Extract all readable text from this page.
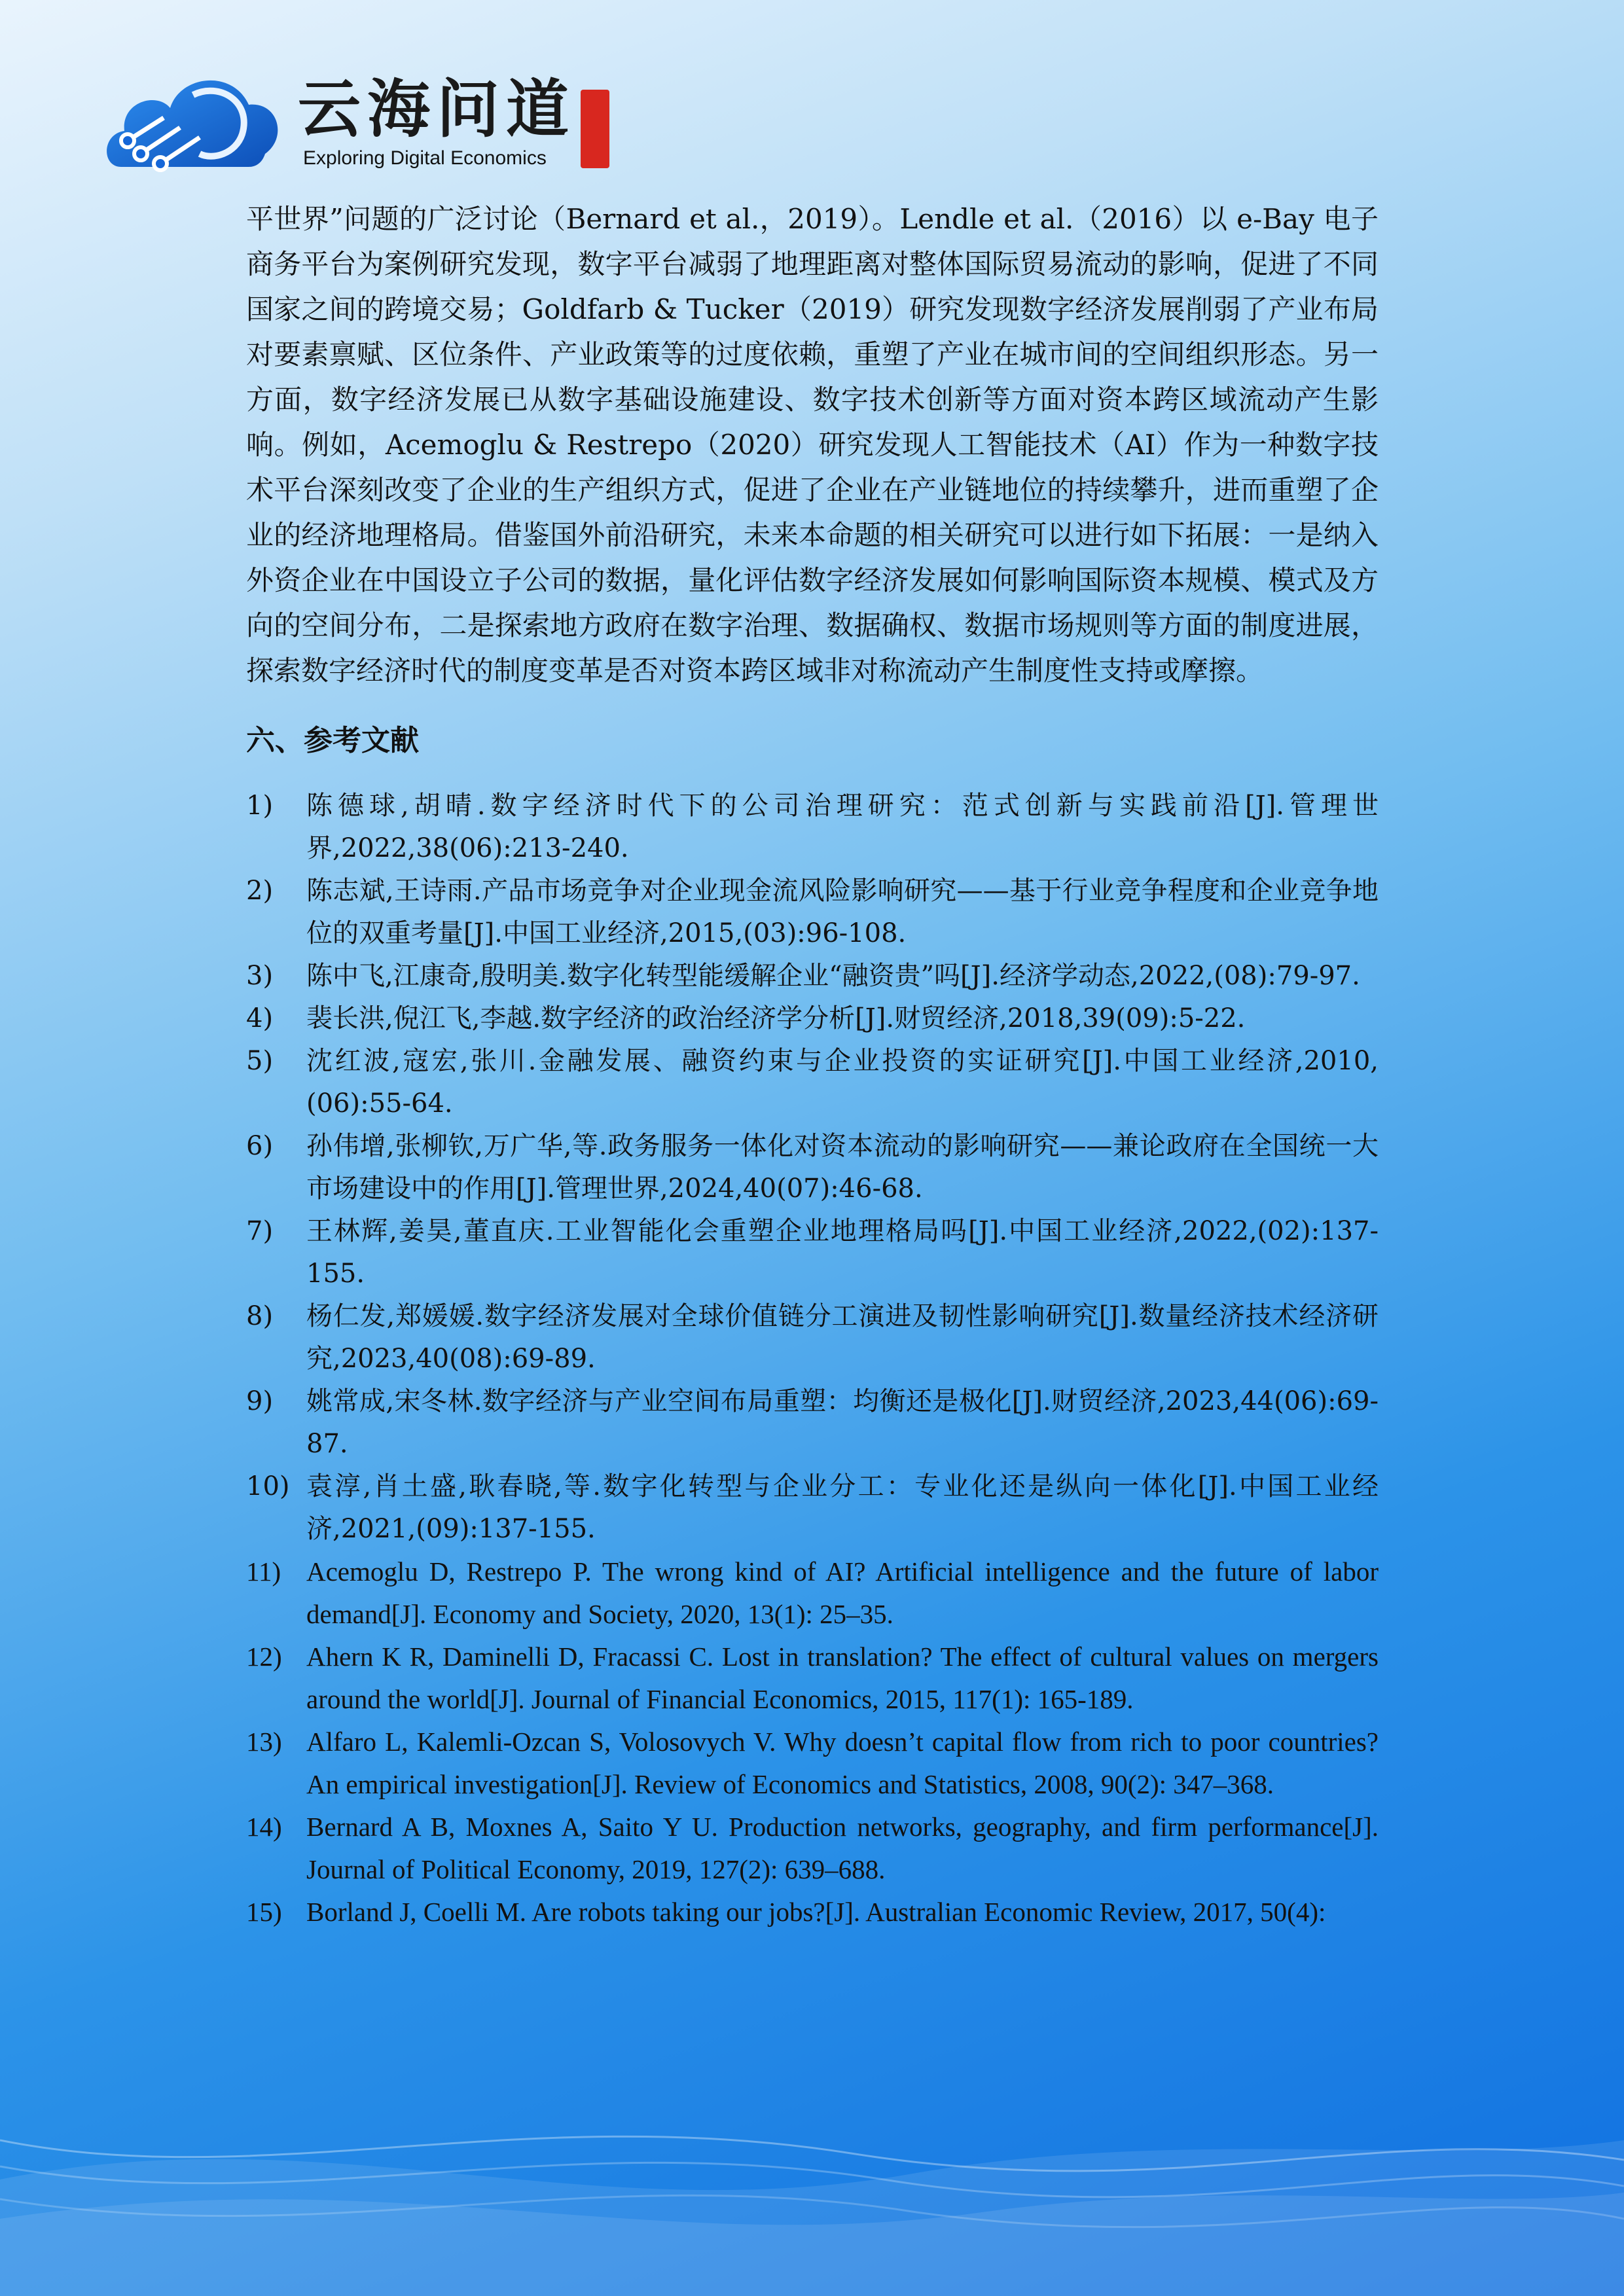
云海问道
Exploring Digital Economics

平世界”问题的广泛讨论（Bernard et al.，2019）。Lendle et al.（2016）以 e-Bay 电子商务平台为案例研究发现，数字平台减弱了地理距离对整体国际贸易流动的影响，促进了不同国家之间的跨境交易；Goldfarb & Tucker（2019）研究发现数字经济发展削弱了产业布局对要素禀赋、区位条件、产业政策等的过度依赖，重塑了产业在城市间的空间组织形态。另一方面，数字经济发展已从数字基础设施建设、数字技术创新等方面对资本跨区域流动产生影响。例如，Acemoglu & Restrepo（2020）研究发现人工智能技术（AI）作为一种数字技术平台深刻改变了企业的生产组织方式，促进了企业在产业链地位的持续攀升，进而重塑了企业的经济地理格局。借鉴国外前沿研究，未来本命题的相关研究可以进行如下拓展：一是纳入外资企业在中国设立子公司的数据，量化评估数字经济发展如何影响国际资本规模、模式及方向的空间分布，二是探索地方政府在数字治理、数据确权、数据市场规则等方面的制度进展，探索数字经济时代的制度变革是否对资本跨区域非对称流动产生制度性支持或摩擦。

六、参考文献
1)	陈德球,胡晴.数字经济时代下的公司治理研究：范式创新与实践前沿[J].管理世界,2022,38(06):213-240.
2)	陈志斌,王诗雨.产品市场竞争对企业现金流风险影响研究——基于行业竞争程度和企业竞争地位的双重考量[J].中国工业经济,2015,(03):96-108.
3)	陈中飞,江康奇,殷明美.数字化转型能缓解企业“融资贵”吗[J].经济学动态,2022,(08):79-97.
4)	裴长洪,倪江飞,李越.数字经济的政治经济学分析[J].财贸经济,2018,39(09):5-22.
5)	沈红波,寇宏,张川.金融发展、融资约束与企业投资的实证研究[J].中国工业经济,2010,(06):55-64.
6)	孙伟增,张柳钦,万广华,等.政务服务一体化对资本流动的影响研究——兼论政府在全国统一大市场建设中的作用[J].管理世界,2024,40(07):46-68.
7)	王林辉,姜昊,董直庆.工业智能化会重塑企业地理格局吗[J].中国工业经济,2022,(02):137-155.
8)	杨仁发,郑媛媛.数字经济发展对全球价值链分工演进及韧性影响研究[J].数量经济技术经济研究,2023,40(08):69-89.
9)	姚常成,宋冬林.数字经济与产业空间布局重塑：均衡还是极化[J].财贸经济,2023,44(06):69-87.
10) 袁淳,肖土盛,耿春晓,等.数字化转型与企业分工：专业化还是纵向一体化[J].中国工业经济,2021,(09):137-155.
11) Acemoglu D, Restrepo P. The wrong kind of AI? Artificial intelligence and the future of labor demand[J]. Economy and Society, 2020, 13(1): 25–35.
12) Ahern K R, Daminelli D, Fracassi C. Lost in translation? The effect of cultural values on mergers around the world[J]. Journal of Financial Economics, 2015, 117(1): 165-189.
13) Alfaro L, Kalemli-Ozcan S, Volosovych V. Why doesn’t capital flow from rich to poor countries? An empirical investigation[J]. Review of Economics and Statistics, 2008, 90(2): 347–368.
14) Bernard A B, Moxnes A, Saito Y U. Production networks, geography, and firm performance[J]. Journal of Political Economy, 2019, 127(2): 639–688.
15) Borland J, Coelli M. Are robots taking our jobs?[J]. Australian Economic Review, 2017, 50(4):
